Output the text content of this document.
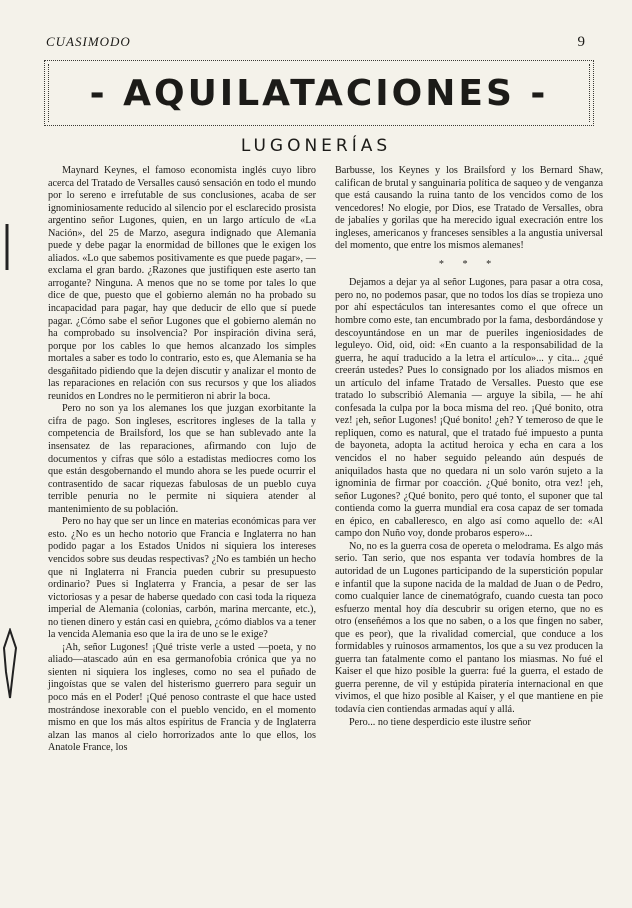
CUASIMODO	9
- AQUILATACIONES -
LUGONERÍAS

Maynard Keynes, el famoso economista inglés cuyo libro acerca del Tratado de Versalles causó sensación en todo el mundo por lo sereno e irrefutable de sus conclusiones, acaba de ser ignominiosamente reducido al silencio por el esclarecido prosista argentino señor Lugones, quien, en un largo artículo de «La Nación», del 25 de Marzo, asegura indignado que Alemania puede y debe pagar la enormidad de billones que le exigen los aliados. «Lo que sabemos positivamente es que puede pagar», —exclama el gran bardo. ¿Razones que justifiquen este aserto tan arrogante? Ninguna. A menos que no se tome por tales lo que dice de que, puesto que el gobierno alemán no ha probado su incapacidad para pagar, hay que deducir de ello que sí puede pagar. ¿Cómo sabe el señor Lugones que el gobierno alemán no ha comprobado su insolvencia? Por inspiración divina será, porque por los cables lo que hemos alcanzado los simples mortales a saber es todo lo contrario, esto es, que Alemania se ha desgañitado pidiendo que la dejen discutir y analizar el monto de las reparaciones en relación con sus recursos y que los aliados reunidos en Londres no le permitieron ni abrir la boca.

Pero no son ya los alemanes los que juzgan exorbitante la cifra de pago. Son ingleses, escritores ingleses de la talla y competencia de Brailsford, los que se han sublevado ante la insensatez de las reparaciones, afirmando con lujo de documentos y cifras que sólo a estadistas mediocres como los que están desgobernando el mundo ahora se les puede ocurrir el contrasentido de sacar riquezas fabulosas de un pueblo cuya terrible penuria no le permite ni siquiera atender al mantenimiento de su población.

Pero no hay que ser un lince en materias económicas para ver esto. ¿No es un hecho notorio que Francia e Inglaterra no han podido pagar a los Estados Unidos ni siquiera los intereses vencidos sobre sus deudas respectivas? ¿No es también un hecho que ni Inglaterra ni Francia pueden cubrir su presupuesto ordinario? Pues si Inglaterra y Francia, a pesar de ser las victoriosas y a pesar de haberse quedado con casi toda la riqueza imperial de Alemania (colonias, carbón, marina mercante, etc.), no tienen dinero y están casi en quiebra, ¿cómo diablos va a tener la vencida Alemania eso que la ira de uno se le exige?

¡Ah, señor Lugones! ¡Qué triste verle a usted —poeta, y no aliado—atascado aún en esa germanofobia crónica que ya no sienten ni siquiera los ingleses, como no sea el puñado de jingoístas que se valen del histerismo guerrero para seguir un poco más en el Poder! ¡Qué penoso contraste el que hace usted mostrándose inexorable con el pueblo vencido, en el momento mismo en que los más altos espíritus de Francia y de Inglaterra alzan las manos al cielo horrorizados ante lo que ellos, los Anatole France, los

Barbusse, los Keynes y los Brailsford y los Bernard Shaw, califican de brutal y sanguinaria política de saqueo y de venganza que está causando la ruina tanto de los vencidos como de los vencedores! No elogie, por Dios, ese Tratado de Versalles, obra de jabalíes y gorilas que ha merecido igual execración entre los ingleses, americanos y franceses sensibles a la angustia universal del momento, que entre los mismos alemanes!

* * *

Dejamos a dejar ya al señor Lugones, para pasar a otra cosa, pero no, no podemos pasar, que no todos los días se tropieza uno por ahí espectáculos tan interesantes como el que ofrece un hombre como este, tan encumbrado por la fama, desbordándose y descoyuntándose en un mar de pueriles ingeniosidades de leguleyo. Oid, oid, oid: «En cuanto a la responsabilidad de la guerra, he aquí traducido a la letra el artículo»... y cita... ¿qué creerán ustedes? Pues lo consignado por los aliados mismos en un artículo del infame Tratado de Versalles. Puesto que ese tratado lo subscribió Alemania — arguye la sibila, — he ahí confesada la culpa por la boca misma del reo. ¡Qué bonito, otra vez! ¡eh, señor Lugones! ¡Qué bonito! ¿eh? Y temeroso de que le repliquen, como es natural, que el tratado fué impuesto a punta de bayoneta, adopta la actitud heroica y echa en cara a los vencidos el no haber seguido peleando aún después de aniquilados hasta que no quedara ni un solo varón sujeto a la ignominia de firmar por coacción. ¿Qué bonito, otra vez! ¡eh, señor Lugones? ¿Qué bonito, pero qué tonto, el suponer que tal contienda como la guerra mundial era cosa capaz de ser tomada en épico, en caballeresco, en algo así como aquello de: «Al campo don Nuño voy, donde probaros espero»...

No, no es la guerra cosa de opereta o melodrama. Es algo más serio. Tan serio, que nos espanta ver todavía hombres de la autoridad de un Lugones participando de la superstición popular e infantil que la supone nacida de la maldad de Juan o de Pedro, como cualquier lance de cinematógrafo, cuando cuesta tan poco esfuerzo mental hoy día descubrir su origen eterno, que no es otro (enseñémos a los que no saben, o a los que fingen no saber, que es peor), que la rivalidad comercial, que conduce a los formidables y ruinosos armamentos, los que a su vez producen la guerra tan fatalmente como el pantano los miasmas. No fué el Kaiser el que hizo posible la guerra: fué la guerra, el estado de guerra perenne, de vil y estúpida piratería internacional en que vivimos, el que hizo posible al Kaiser, y el que mantiene en pie todavía cien contiendas armadas aquí y allá.

Pero... no tiene desperdicio este ilustre señor
